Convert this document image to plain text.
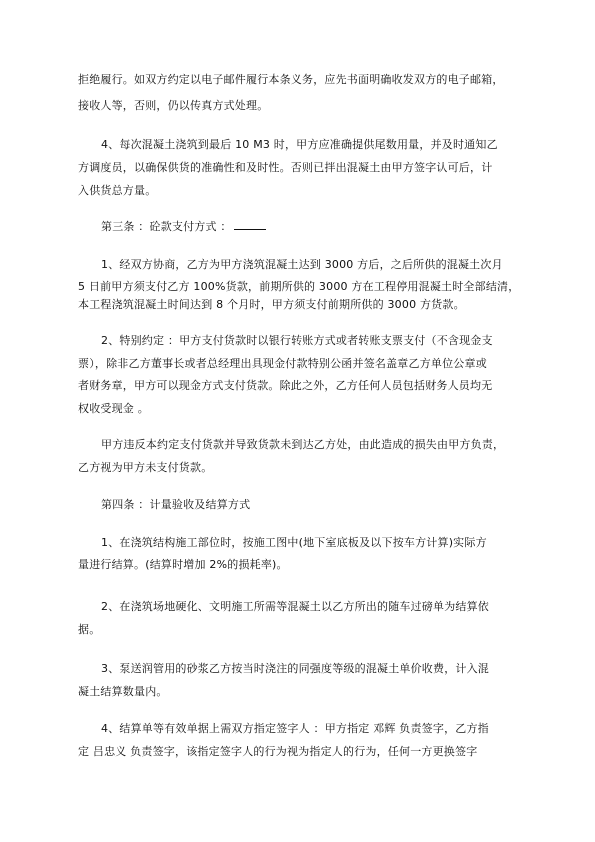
拒绝履行。如双方约定以电子邮件履行本条义务，应先书面明确收发双方的电子邮箱，
接收人等，否则，仍以传真方式处理。
4、每次混凝土浇筑到最后 10 M3 时，甲方应准确提供尾数用量，并及时通知乙
方调度员，以确保供货的准确性和及时性。否则已拌出混凝土由甲方签字认可后，计
入供货总方量。
第三条 ：砼款支付方式 ：
1、经双方协商，乙方为甲方浇筑混凝土达到 3000 方后，之后所供的混凝土次月
5 日前甲方须支付乙方 100%货款，前期所供的 3000 方在工程停用混凝土时全部结清，
本工程浇筑混凝土时间达到 8 个月时，甲方须支付前期所供的 3000 方货款。
2、特别约定 ：甲方支付货款时以银行转账方式或者转账支票支付（不含现金支
票），除非乙方董事长或者总经理出具现金付款特别公函并签名盖章乙方单位公章或
者财务章，甲方可以现金方式支付货款。除此之外，乙方任何人员包括财务人员均无
权收受现金 。
甲方违反本约定支付货款并导致货款未到达乙方处，由此造成的损失由甲方负责，
乙方视为甲方未支付货款。
第四条 ：计量验收及结算方式
1、在浇筑结构施工部位时，按施工图中(地下室底板及以下按车方计算)实际方
量进行结算。(结算时增加 2%的损耗率)。
2、在浇筑场地硬化、文明施工所需等混凝土以乙方所出的随车过磅单为结算依
据。
3、泵送润管用的砂浆乙方按当时浇注的同强度等级的混凝土单价收费，计入混
凝土结算数量内。
4、结算单等有效单据上需双方指定签字人 ：甲方指定 邓辉 负责签字，乙方指
定 吕忠义 负责签字，该指定签字人的行为视为指定人的行为，任何一方更换签字
